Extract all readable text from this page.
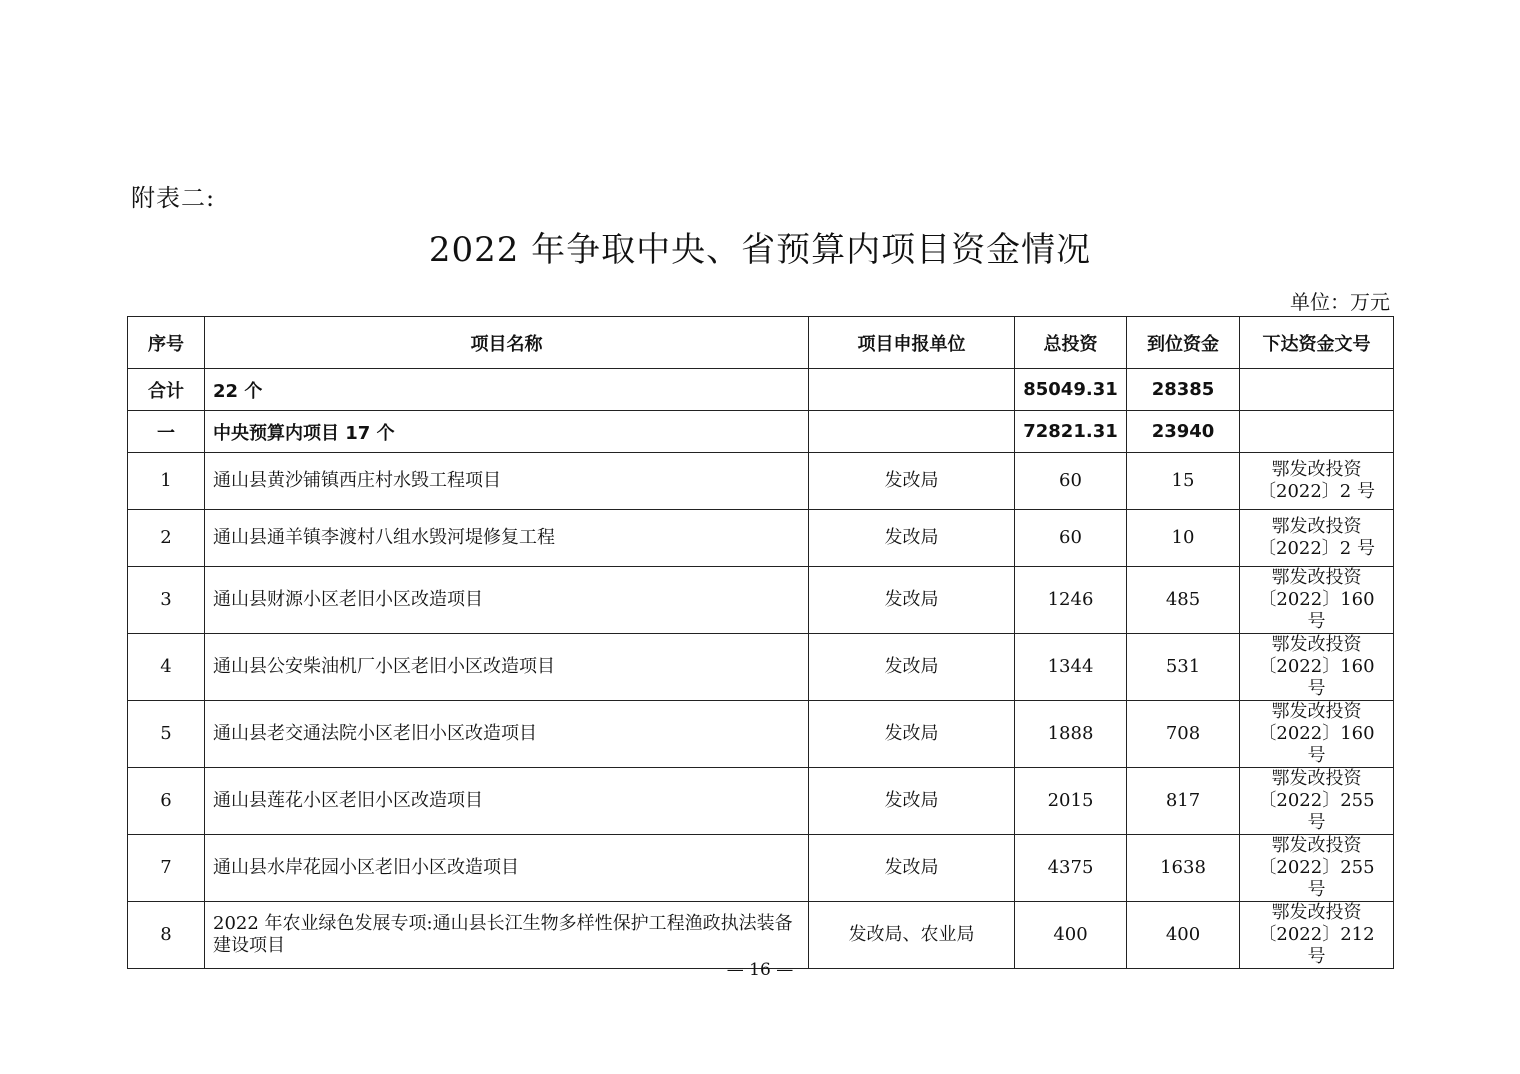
附表二:
2022 年争取中央、省预算内项目资金情况
单位：万元
序号	项目名称	项目申报单位	总投资	到位资金	下达资金文号
合计	22 个		85049.31	28385	
一	中央预算内项目 17 个		72821.31	23940	
1	通山县黄沙铺镇西庄村水毁工程项目	发改局	60	15	鄂发改投资
〔2022〕2 号

2	通山县通羊镇李渡村八组水毁河堤修复工程	发改局	60	10	鄂发改投资
〔2022〕2 号

3	通山县财源小区老旧小区改造项目	发改局	1246	485	鄂发改投资
〔2022〕160 号

4	通山县公安柴油机厂小区老旧小区改造项目	发改局	1344	531	鄂发改投资
〔2022〕160 号

5	通山县老交通法院小区老旧小区改造项目	发改局	1888	708	鄂发改投资
〔2022〕160 号

6	通山县莲花小区老旧小区改造项目	发改局	2015	817	鄂发改投资
〔2022〕255 号

7	通山县水岸花园小区老旧小区改造项目	发改局	4375	1638	鄂发改投资
〔2022〕255 号

8	2022 年农业绿色发展专项:通山县长江生物多样性保护工程渔政执法装备建设项目	发改局、农业局	400	400	鄂发改投资
〔2022〕212 号
— 16 —
